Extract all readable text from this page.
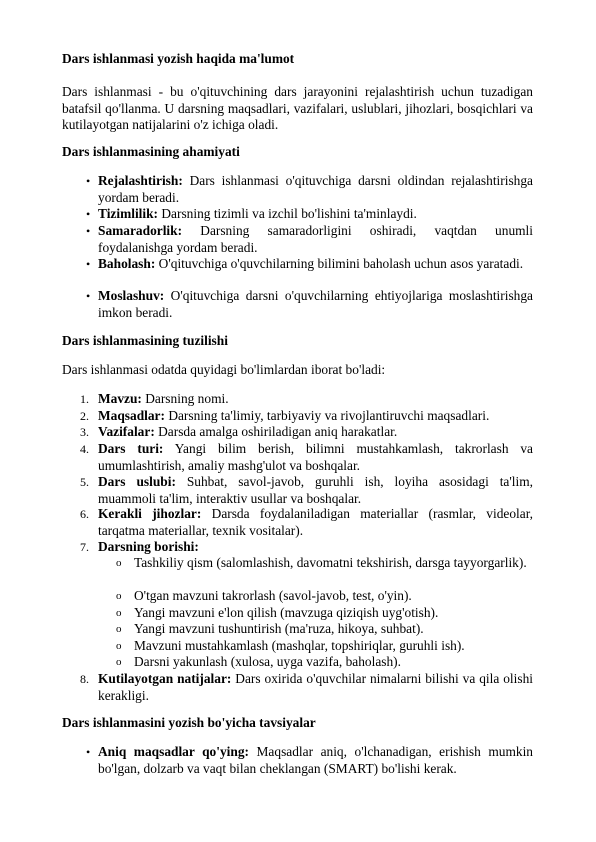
Dars ishlanmasi yozish haqida ma'lumot

Dars ishlanmasi - bu o'qituvchining dars jarayonini rejalashtirish uchun tuzadigan batafsil qo'llanma. U darsning maqsadlari, vazifalari, uslublari, jihozlari, bosqichlari va kutilayotgan natijalarini o'z ichiga oladi.

Dars ishlanmasining ahamiyati
• Rejalashtirish: Dars ishlanmasi o'qituvchiga darsni oldindan rejalashtirishga yordam beradi.
• Tizimlilik: Darsning tizimli va izchil bo'lishini ta'minlaydi.
• Samaradorlik: Darsning samaradorligini oshiradi, vaqtdan unumli foydalanishga yordam beradi.
• Baholash: O'qituvchiga o'quvchilarning bilimini baholash uchun asos yaratadi.
• Moslashuv: O'qituvchiga darsni o'quvchilarning ehtiyojlariga moslashtirishga imkon beradi.
Dars ishlanmasining tuzilishi

Dars ishlanmasi odatda quyidagi bo'limlardan iborat bo'ladi:

1. Mavzu: Darsning nomi.
2. Maqsadlar: Darsning ta'limiy, tarbiyaviy va rivojlantiruvchi maqsadlari.
3. Vazifalar: Darsda amalga oshiriladigan aniq harakatlar.
4. Dars turi: Yangi bilim berish, bilimni mustahkamlash, takrorlash va umumlashtirish, amaliy mashg'ulot va boshqalar.
5. Dars uslubi: Suhbat, savol-javob, guruhli ish, loyiha asosidagi ta'lim, muammoli ta'lim, interaktiv usullar va boshqalar.
6. Kerakli jihozlar: Darsda foydalaniladigan materiallar (rasmlar, videolar, tarqatma materiallar, texnik vositalar).
7. Darsning borishi:
o Tashkiliy qism (salomlashish, davomatni tekshirish, darsga tayyorgarlik).
o O'tgan mavzuni takrorlash (savol-javob, test, o'yin).
o Yangi mavzuni e'lon qilish (mavzuga qiziqish uyg'otish).
o Yangi mavzuni tushuntirish (ma'ruza, hikoya, suhbat).
o Mavzuni mustahkamlash (mashqlar, topshiriqlar, guruhli ish).
o Darsni yakunlash (xulosa, uyga vazifa, baholash).
8. Kutilayotgan natijalar: Dars oxirida o'quvchilar nimalarni bilishi va qila olishi kerakligi.
Dars ishlanmasini yozish bo'yicha tavsiyalar
• Aniq maqsadlar qo'ying: Maqsadlar aniq, o'lchanadigan, erishish mumkin bo'lgan, dolzarb va vaqt bilan cheklangan (SMART) bo'lishi kerak.
